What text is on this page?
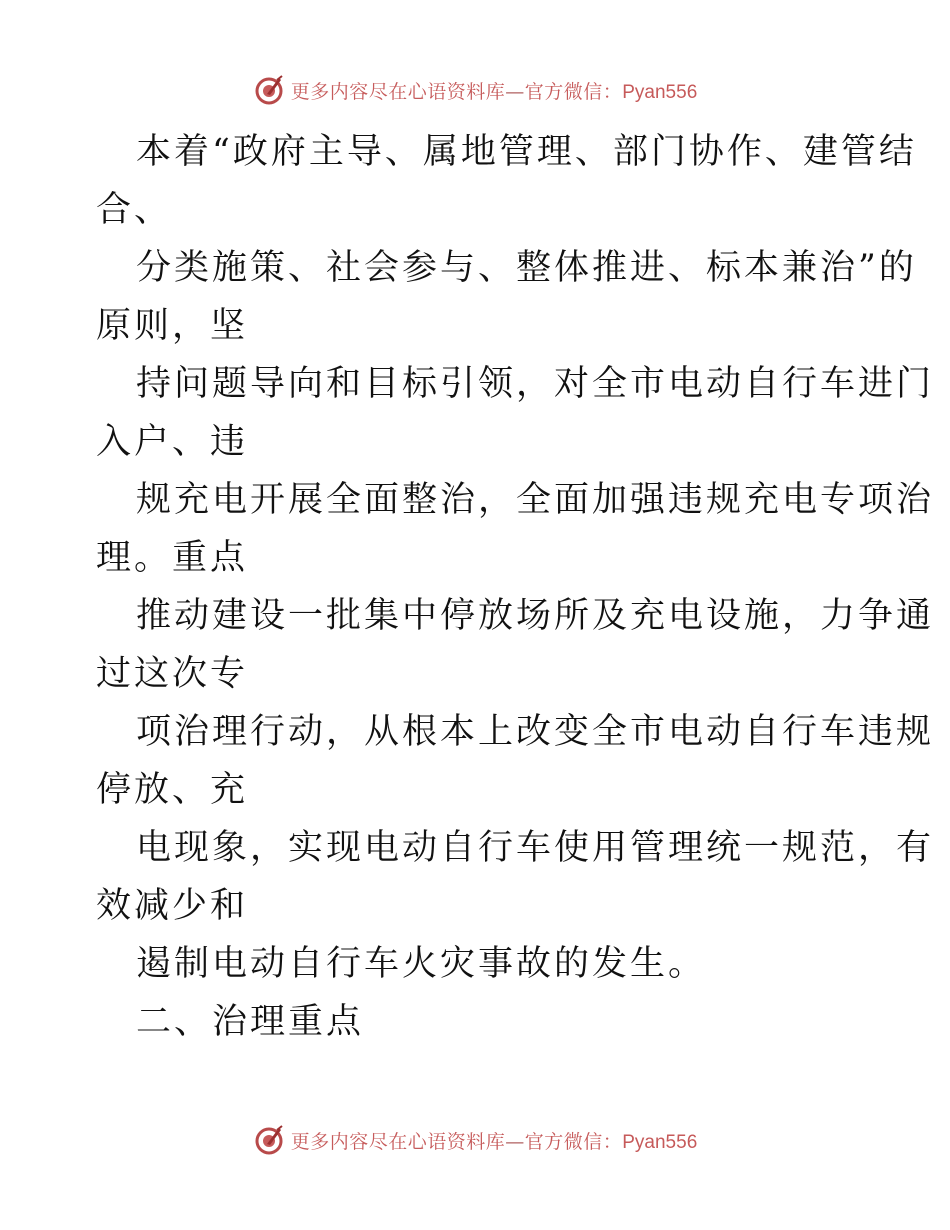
更多内容尽在心语资料库—官方微信：Pyan556
本着“政府主导、属地管理、部门协作、建管结
合、
分类施策、社会参与、整体推进、标本兼治”的
原则，坚
持问题导向和目标引领，对全市电动自行车进门
入户、违
规充电开展全面整治，全面加强违规充电专项治
理。重点
推动建设一批集中停放场所及充电设施，力争通
过这次专
项治理行动，从根本上改变全市电动自行车违规
停放、充
电现象，实现电动自行车使用管理统一规范，有
效减少和
遏制电动自行车火灾事故的发生。
二、治理重点
更多内容尽在心语资料库—官方微信：Pyan556
